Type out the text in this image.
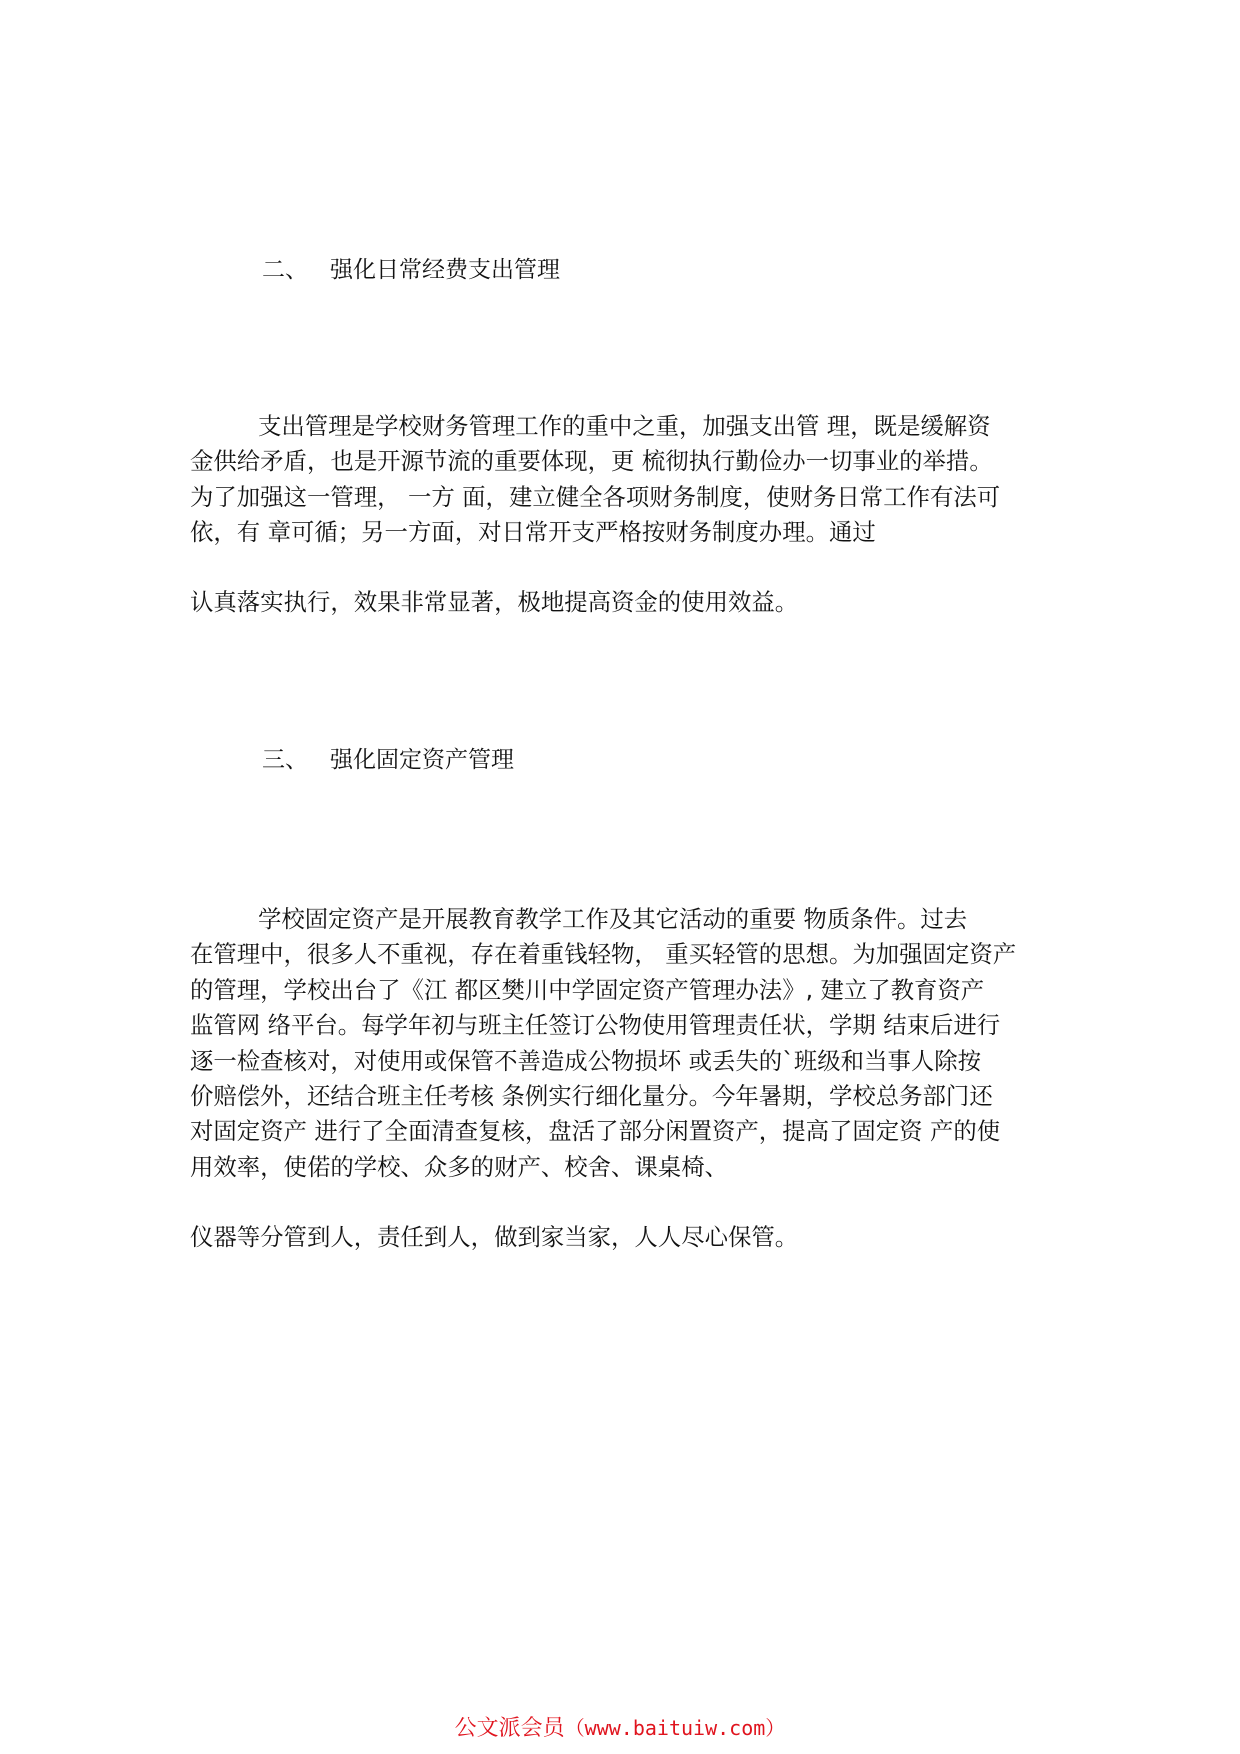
二、 强化日常经费支出管理
支出管理是学校财务管理工作的重中之重，加强支出管 理，既是缓解资
金供给矛盾，也是开源节流的重要体现，更 梳彻执行勤俭办一切事业的举措。
为了加强这一管理， 一方 面，建立健全各项财务制度，使财务日常工作有法可
依，有 章可循；另一方面，对日常开支严格按财务制度办理。通过
认真落实执行，效果非常显著，极地提高资金的使用效益。
三、 强化固定资产管理
学校固定资产是开展教育教学工作及其它活动的重要 物质条件。过去
在管理中，很多人不重视，存在着重钱轻物， 重买轻管的思想。为加强固定资产
的管理，学校出台了《江 都区樊川中学固定资产管理办法》, 建立了教育资产
监管网 络平台。每学年初与班主任签订公物使用管理责任状，学期 结束后进行
逐一检查核对，对使用或保管不善造成公物损坏 或丢失的`班级和当事人除按
价赔偿外，还结合班主任考核 条例实行细化量分。今年暑期，学校总务部门还
对固定资产 进行了全面清查复核，盘活了部分闲置资产，提高了固定资 产的使
用效率，使偌的学校、众多的财产、校舍、课桌椅、
仪器等分管到人，责任到人，做到家当家，人人尽心保管。
公文派会员（www.baituiw.com）
